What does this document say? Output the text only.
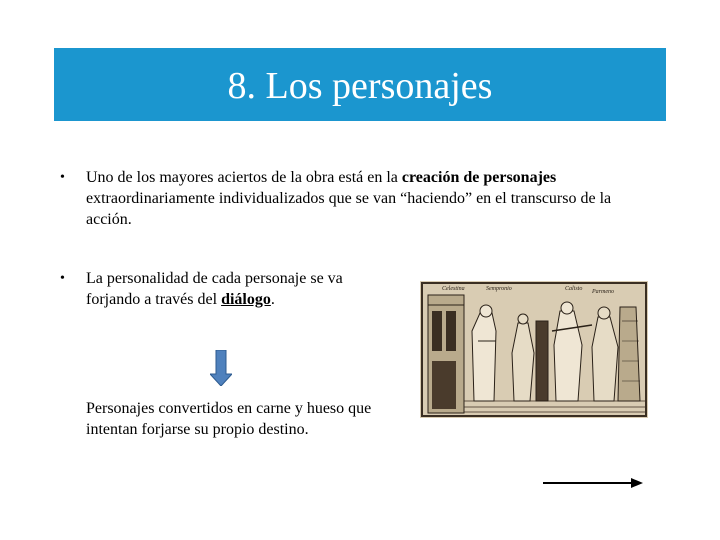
8. Los personajes
• Uno de los mayores aciertos de la obra está en la creación de personajes extraordinariamente individualizados que se van “haciendo” en el transcurso de la acción.
• La personalidad de cada personaje se va forjando a través del diálogo.
Personajes convertidos en carne y hueso que intentan forjarse su propio destino.
Celestina	Sempronio	Calisto Parmeno
